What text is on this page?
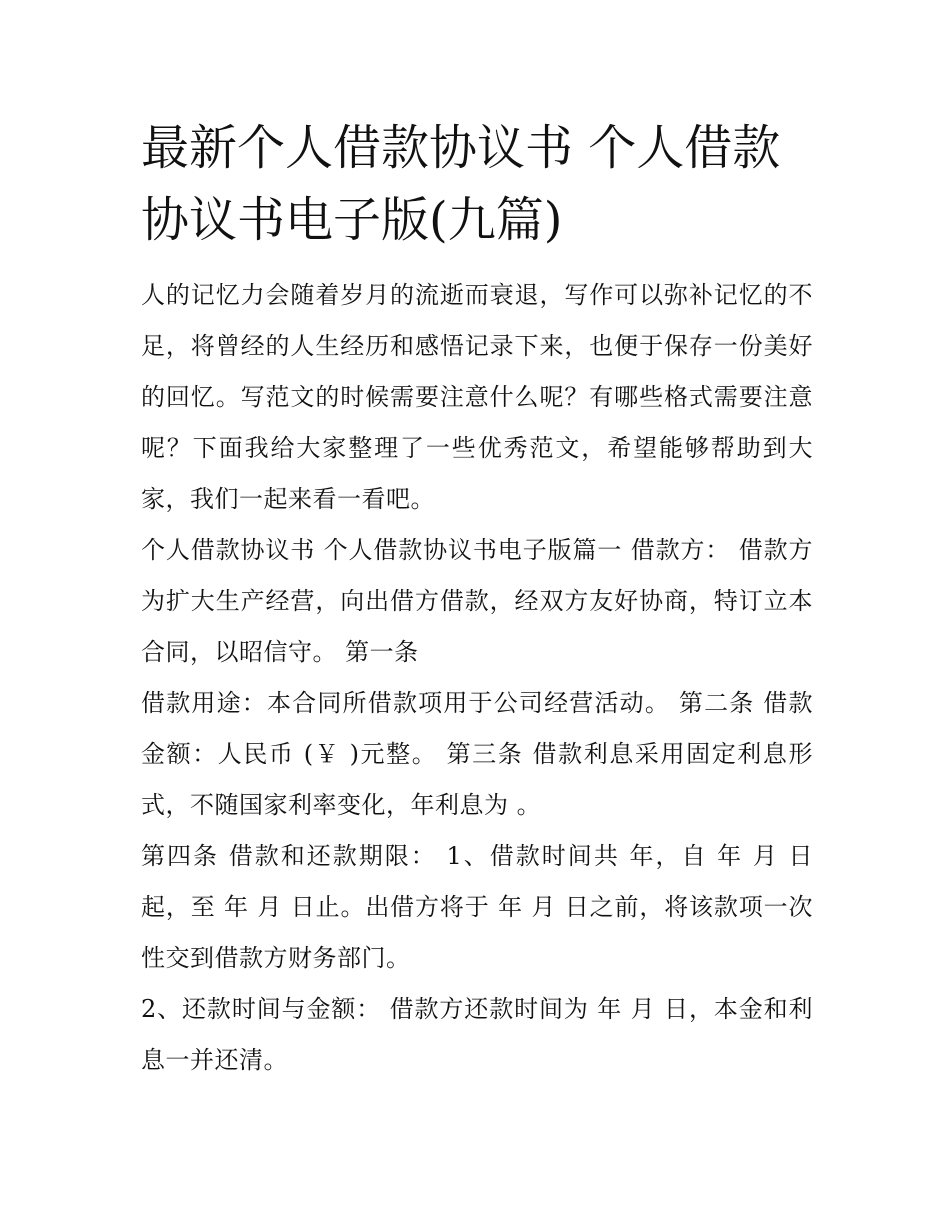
最新个人借款协议书 个人借款协议书电子版(九篇)

人的记忆力会随着岁月的流逝而衰退，写作可以弥补记忆的不足，将曾经的人生经历和感悟记录下来，也便于保存一份美好的回忆。写范文的时候需要注意什么呢？有哪些格式需要注意呢？下面我给大家整理了一些优秀范文，希望能够帮助到大家，我们一起来看一看吧。

个人借款协议书 个人借款协议书电子版篇一 借款方： 借款方为扩大生产经营，向出借方借款，经双方友好协商，特订立本合同，以昭信守。 第一条

借款用途：本合同所借款项用于公司经营活动。 第二条 借款金额：人民币 (￥ )元整。 第三条 借款利息采用固定利息形式，不随国家利率变化，年利息为 。

第四条 借款和还款期限： 1、借款时间共 年，自 年 月 日起，至 年 月 日止。出借方将于 年 月 日之前，将该款项一次性交到借款方财务部门。

2、还款时间与金额： 借款方还款时间为 年 月 日，本金和利息一并还清。
